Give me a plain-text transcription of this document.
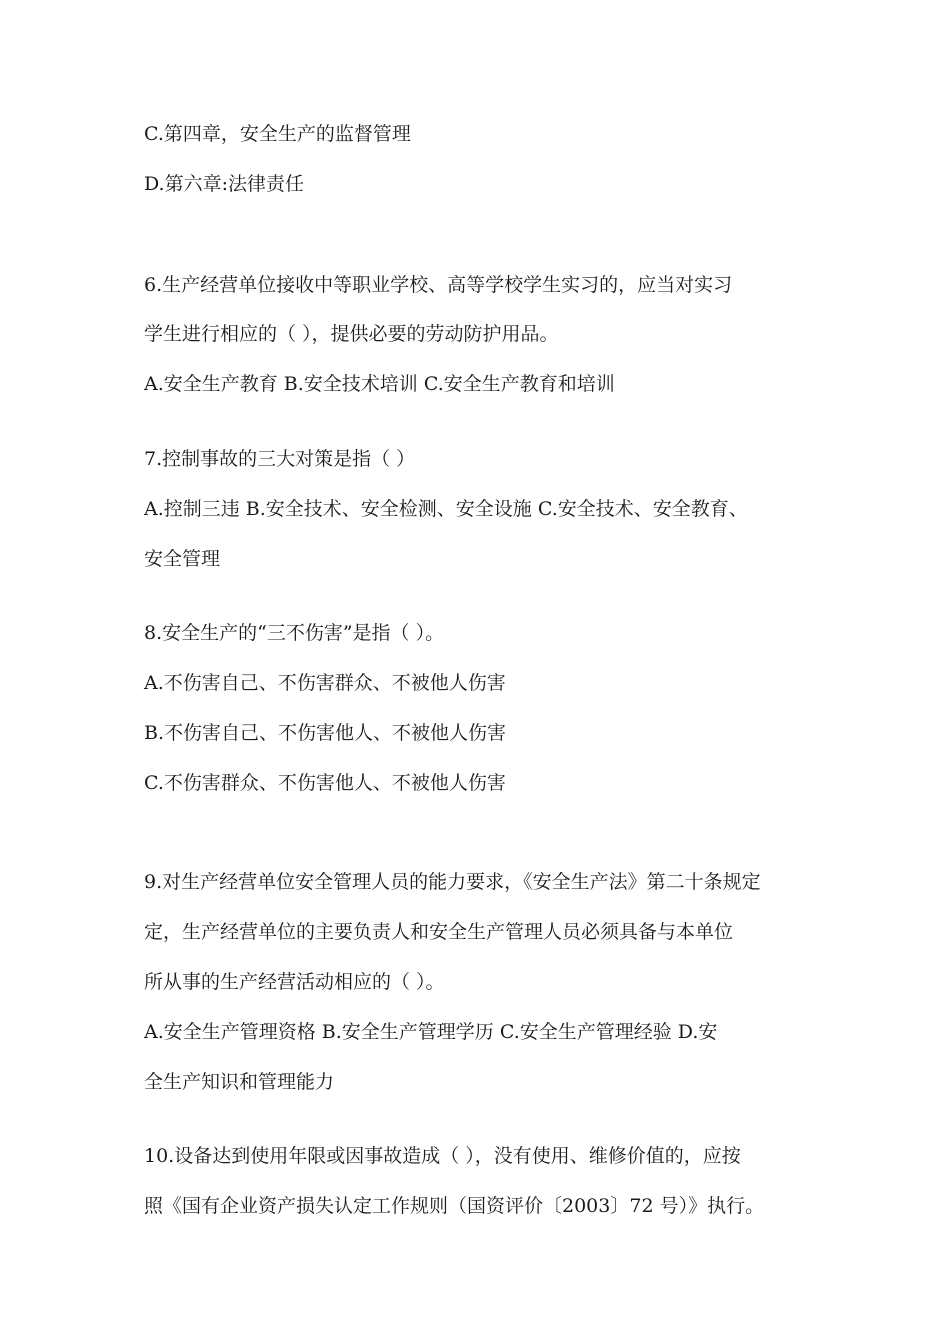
C.第四章，安全生产的监督管理
D.第六章:法律责任
6.生产经营单位接收中等职业学校、高等学校学生实习的，应当对实习
学生进行相应的（ ），提供必要的劳动防护用品。
A.安全生产教育 B.安全技术培训 C.安全生产教育和培训
7.控制事故的三大对策是指（ ）
A.控制三违 B.安全技术、安全检测、安全设施 C.安全技术、安全教育、
安全管理
8.安全生产的“三不伤害”是指（ ）。
A.不伤害自己、不伤害群众、不被他人伤害
B.不伤害自己、不伤害他人、不被他人伤害
C.不伤害群众、不伤害他人、不被他人伤害
9.对生产经营单位安全管理人员的能力要求，《安全生产法》第二十条规定
定，生产经营单位的主要负责人和安全生产管理人员必须具备与本单位
所从事的生产经营活动相应的（ ）。
A.安全生产管理资格 B.安全生产管理学历 C.安全生产管理经验 D.安
全生产知识和管理能力
10.设备达到使用年限或因事故造成（ ），没有使用、维修价值的，应按
照《国有企业资产损失认定工作规则（国资评价〔2003〕72 号）》执行。
